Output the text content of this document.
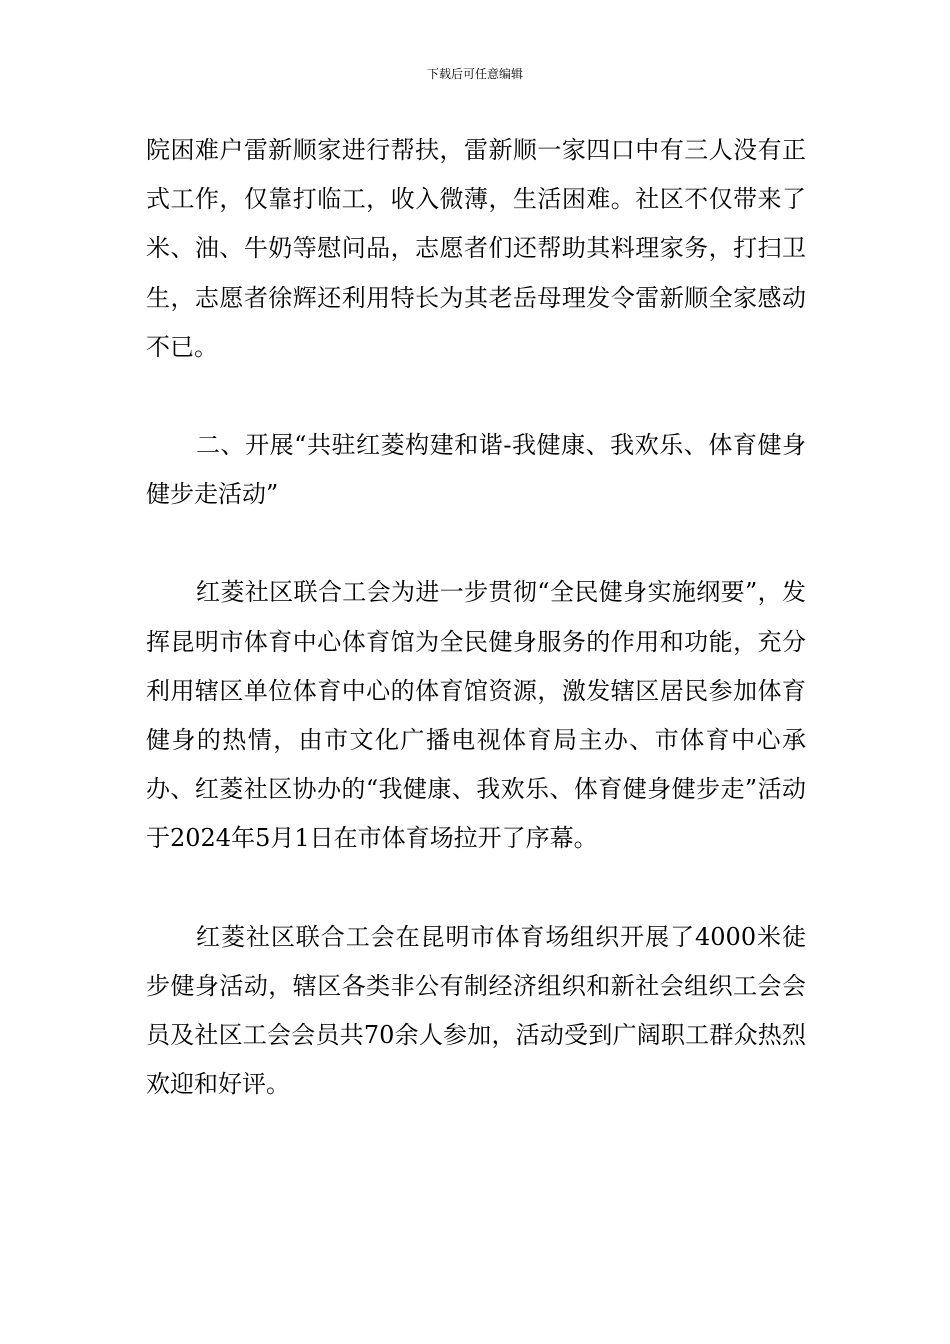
下载后可任意编辑

院困难户雷新顺家进行帮扶，雷新顺一家四口中有三人没有正式工作，仅靠打临工，收入微薄，生活困难。社区不仅带来了米、油、牛奶等慰问品，志愿者们还帮助其料理家务，打扫卫生，志愿者徐辉还利用特长为其老岳母理发令雷新顺全家感动不已。

二、开展“共驻红菱构建和谐-我健康、我欢乐、体育健身健步走活动”

红菱社区联合工会为进一步贯彻“全民健身实施纲要”，发挥昆明市体育中心体育馆为全民健身服务的作用和功能，充分利用辖区单位体育中心的体育馆资源，激发辖区居民参加体育健身的热情，由市文化广播电视体育局主办、市体育中心承办、红菱社区协办的“我健康、我欢乐、体育健身健步走”活动于2024年5月1日在市体育场拉开了序幕。

红菱社区联合工会在昆明市体育场组织开展了4000米徒步健身活动，辖区各类非公有制经济组织和新社会组织工会会员及社区工会会员共70余人参加，活动受到广阔职工群众热烈欢迎和好评。
